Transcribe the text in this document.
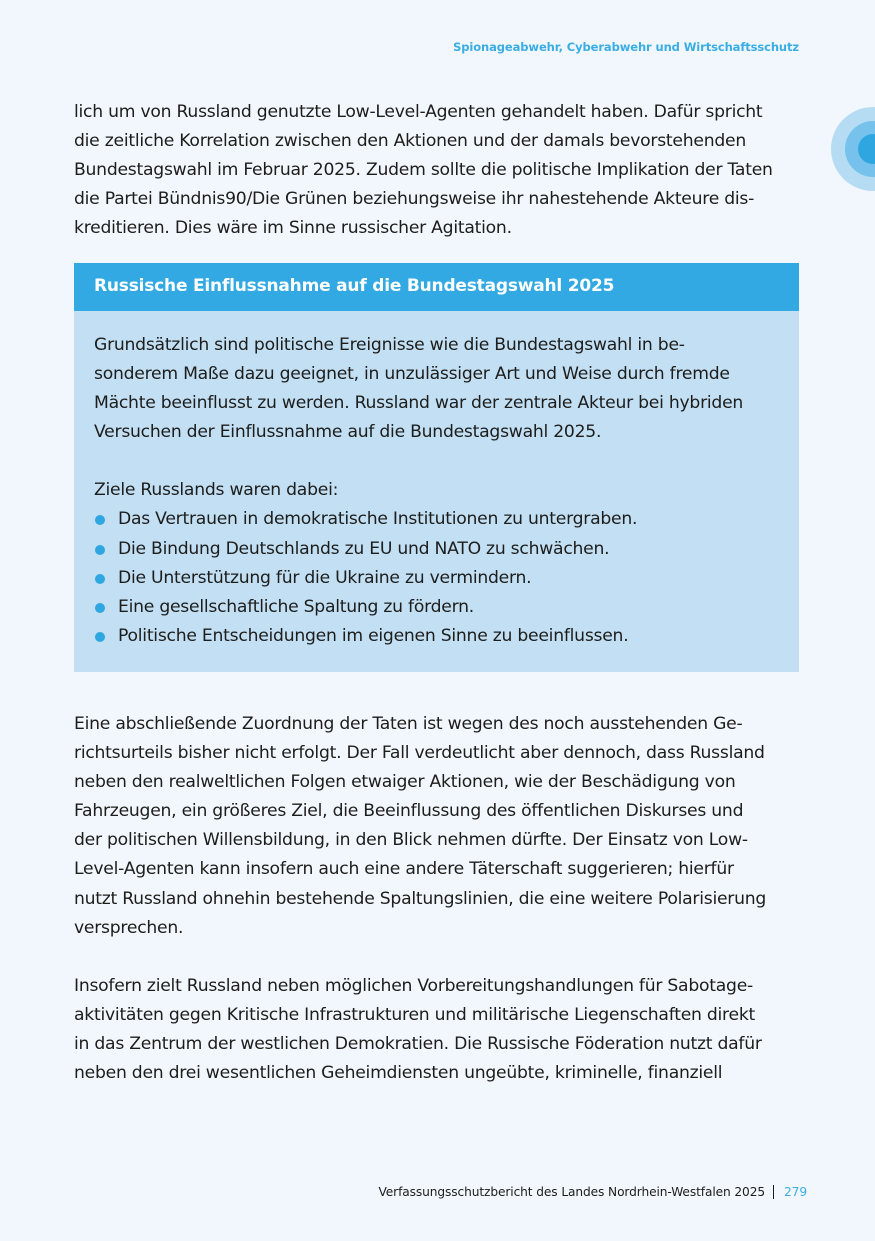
Spionageabwehr, Cyberabwehr und Wirtschaftsschutz

lich um von Russland genutzte Low-Level-Agenten gehandelt haben. Dafür spricht
die zeitliche Korrelation zwischen den Aktionen und der damals bevorstehenden
Bundestagswahl im Februar 2025. Zudem sollte die politische Implikation der Taten
die Partei Bündnis90/Die Grünen beziehungsweise ihr nahestehende Akteure dis-
kreditieren. Dies wäre im Sinne russischer Agitation.

Russische Einflussnahme auf die Bundestagswahl 2025

Grundsätzlich sind politische Ereignisse wie die Bundestagswahl in be-
sonderem Maße dazu geeignet, in unzulässiger Art und Weise durch fremde
Mächte beeinflusst zu werden. Russland war der zentrale Akteur bei hybriden
Versuchen der Einflussnahme auf die Bundestagswahl 2025.

Ziele Russlands waren dabei:

Das Vertrauen in demokratische Institutionen zu untergraben.
Die Bindung Deutschlands zu EU und NATO zu schwächen.
Die Unterstützung für die Ukraine zu vermindern.
Eine gesellschaftliche Spaltung zu fördern.
Politische Entscheidungen im eigenen Sinne zu beeinflussen.

Eine abschließende Zuordnung der Taten ist wegen des noch ausstehenden Ge-
richtsurteils bisher nicht erfolgt. Der Fall verdeutlicht aber dennoch, dass Russland
neben den realweltlichen Folgen etwaiger Aktionen, wie der Beschädigung von
Fahrzeugen, ein größeres Ziel, die Beeinflussung des öffentlichen Diskurses und
der politischen Willensbildung, in den Blick nehmen dürfte. Der Einsatz von Low-
Level-Agenten kann insofern auch eine andere Täterschaft suggerieren; hierfür
nutzt Russland ohnehin bestehende Spaltungslinien, die eine weitere Polarisierung
versprechen.

Insofern zielt Russland neben möglichen Vorbereitungshandlungen für Sabotage-
aktivitäten gegen Kritische Infrastrukturen und militärische Liegenschaften direkt
in das Zentrum der westlichen Demokratien. Die Russische Föderation nutzt dafür
neben den drei wesentlichen Geheimdiensten ungeübte, kriminelle, finanziell

Verfassungsschutzbericht des Landes Nordrhein-Westfalen 2025 279
